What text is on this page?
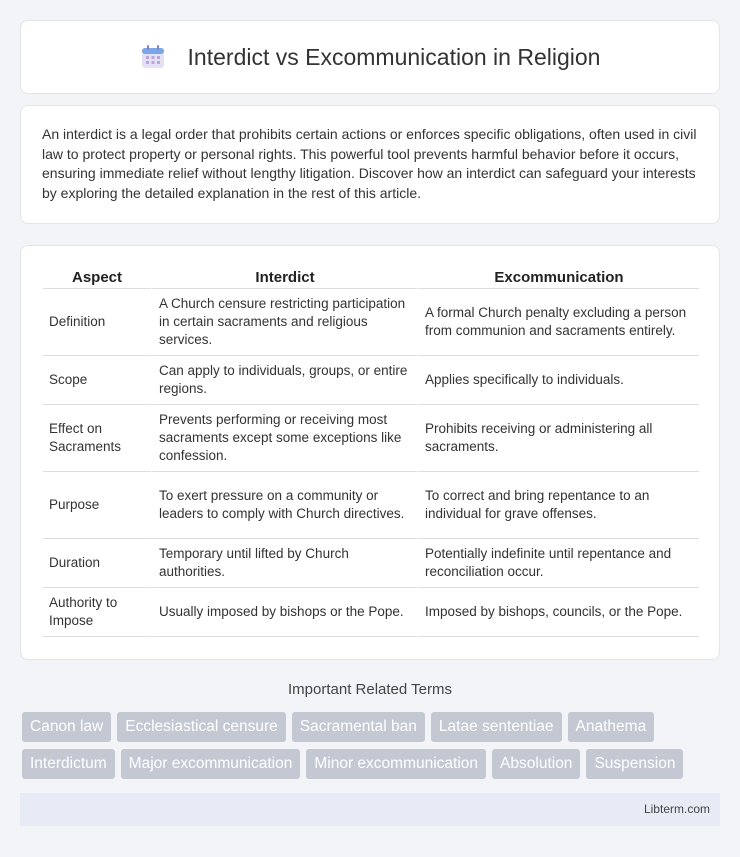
Interdict vs Excommunication in Religion

An interdict is a legal order that prohibits certain actions or enforces specific obligations, often used in civil law to protect property or personal rights. This powerful tool prevents harmful behavior before it occurs, ensuring immediate relief without lengthy litigation. Discover how an interdict can safeguard your interests by exploring the detailed explanation in the rest of this article.

Aspect	Interdict	Excommunication
Definition	A Church censure restricting participation in certain sacraments and religious services.	A formal Church penalty excluding a person from communion and sacraments entirely.
Scope	Can apply to individuals, groups, or entire regions.	Applies specifically to individuals.
Effect on Sacraments	Prevents performing or receiving most sacraments except some exceptions like confession.	Prohibits receiving or administering all sacraments.
Purpose	To exert pressure on a community or leaders to comply with Church directives.	To correct and bring repentance to an individual for grave offenses.
Duration	Temporary until lifted by Church authorities.	Potentially indefinite until repentance and reconciliation occur.
Authority to Impose	Usually imposed by bishops or the Pope.	Imposed by bishops, councils, or the Pope.
Important Related Terms
Canon law	Ecclesiastical censure	Sacramental ban	Latae sententiae	Anathema
Interdictum	Major excommunication	Minor excommunication	Absolution	Suspension
Libterm.com
